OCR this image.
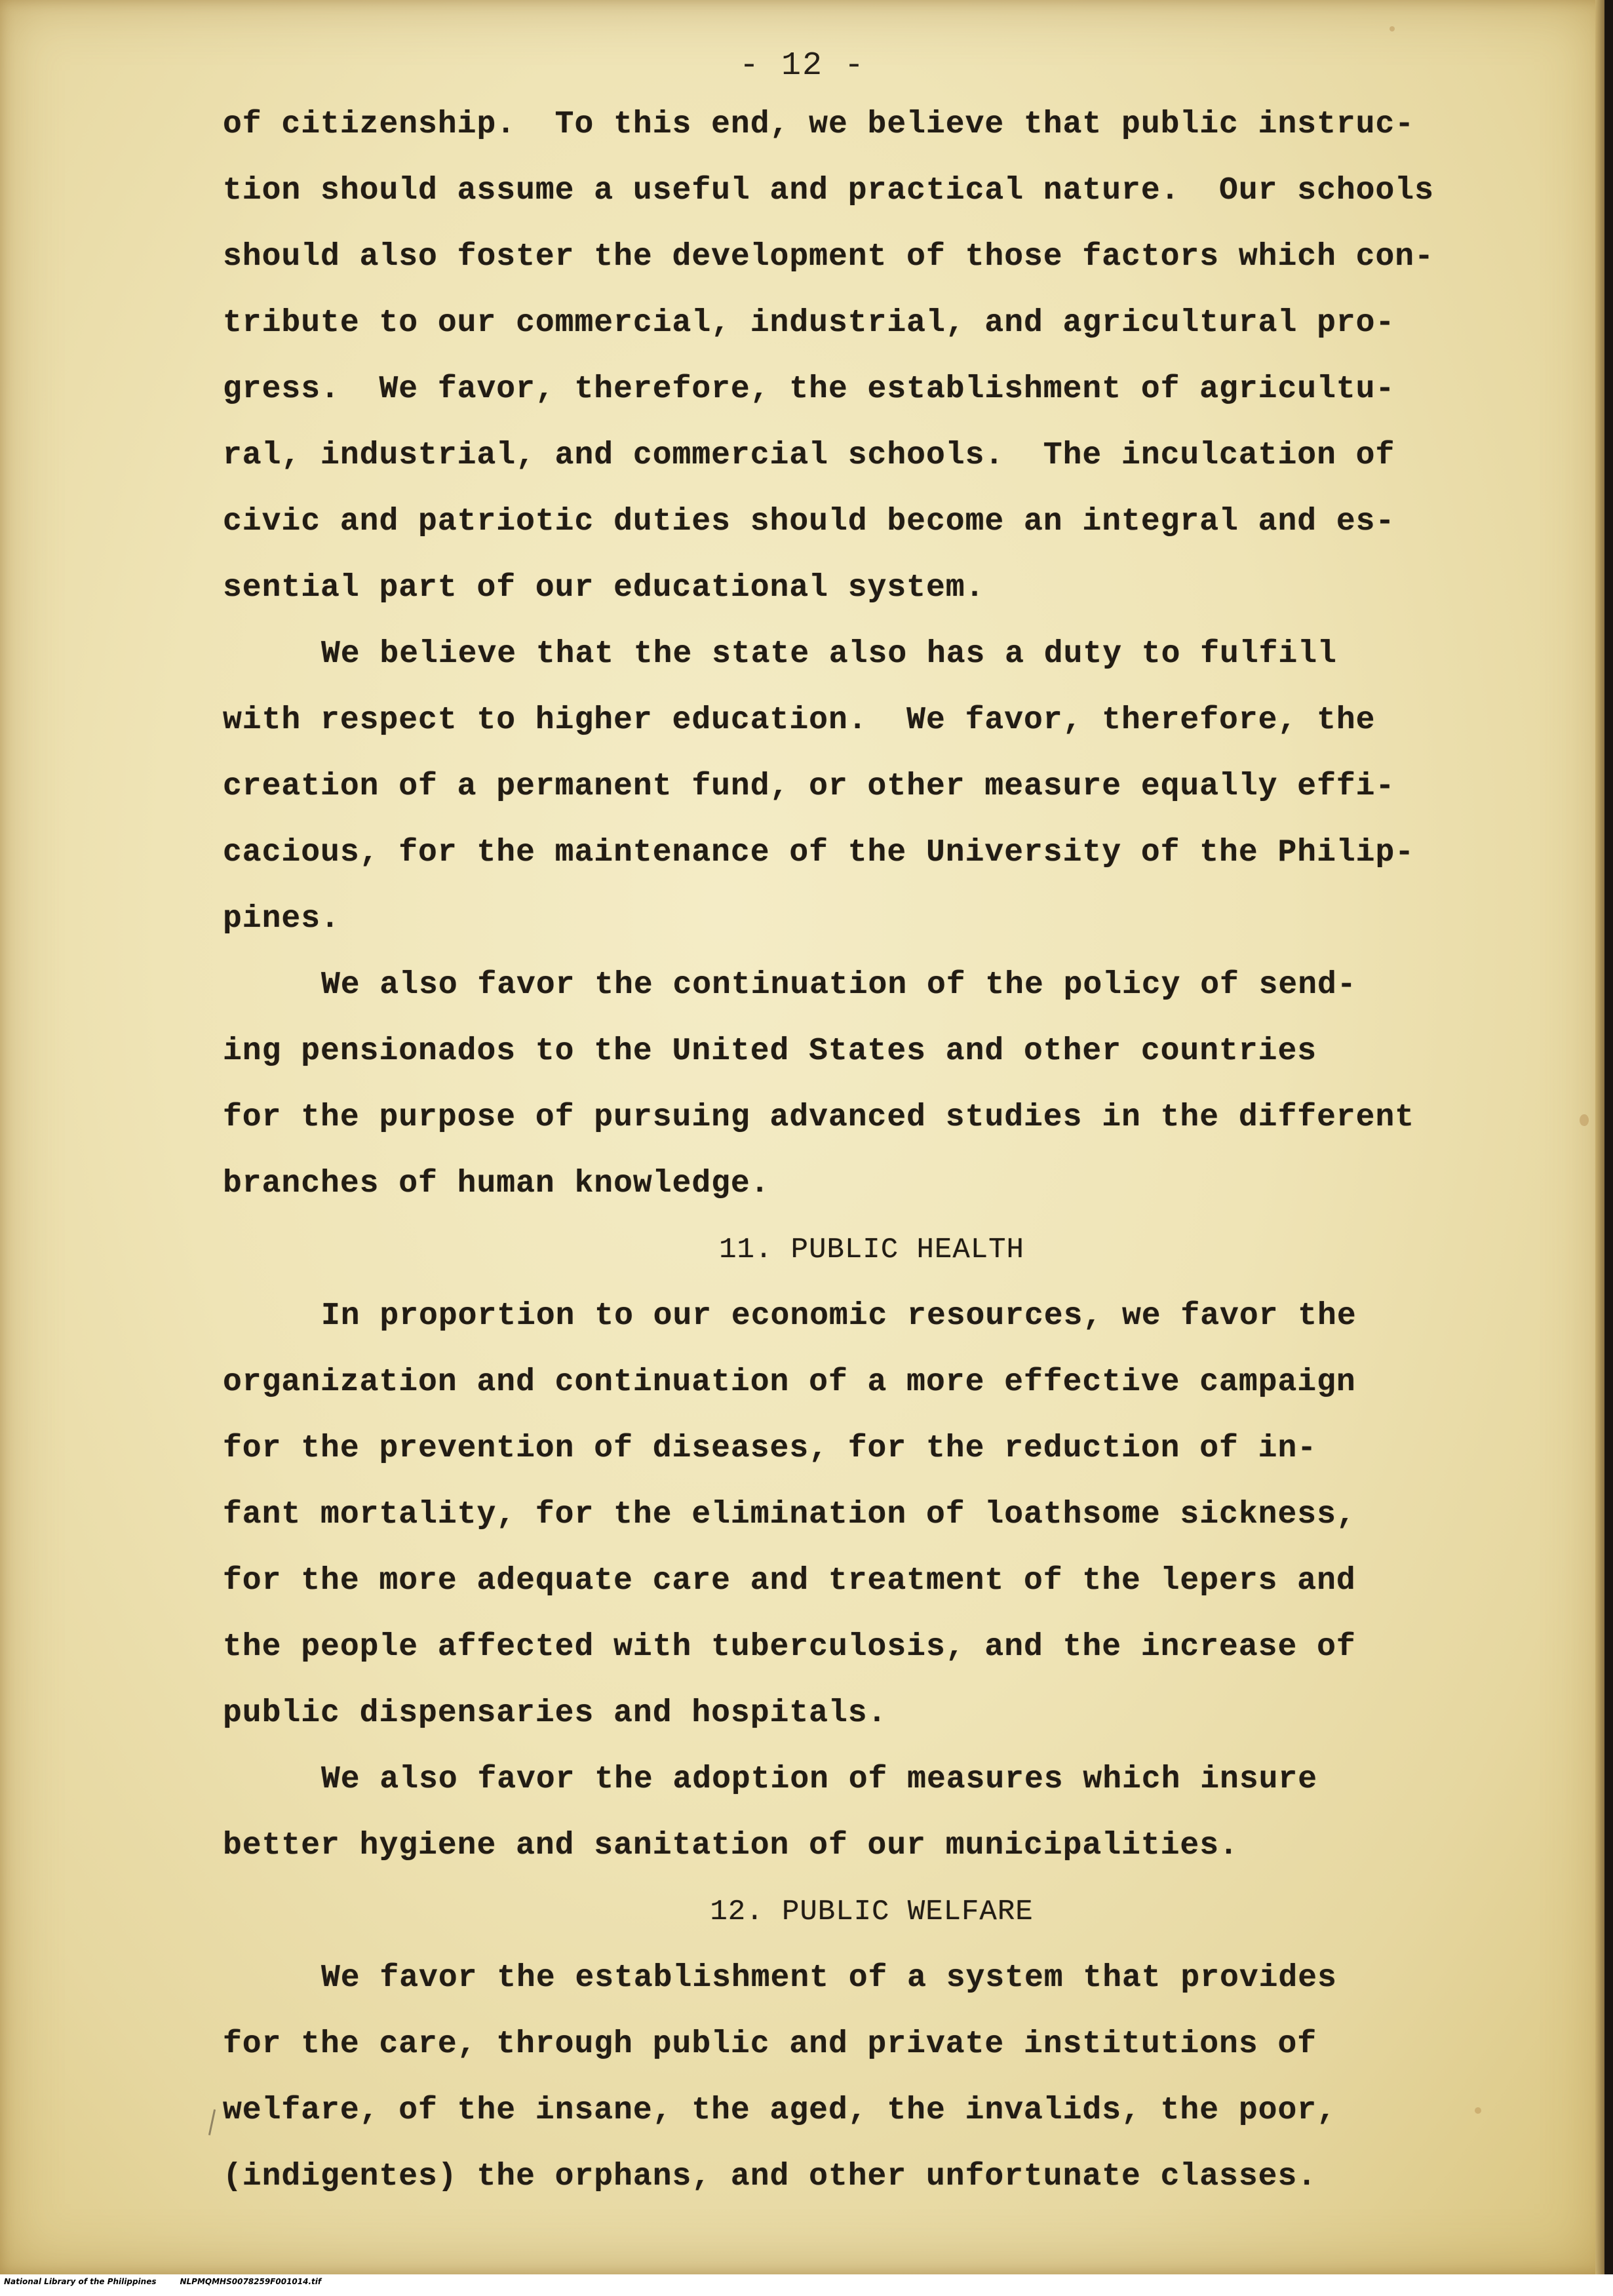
- 12 -
of citizenship.  To this end, we believe that public instruc-
tion should assume a useful and practical nature.  Our schools
should also foster the development of those factors which con-
tribute to our commercial, industrial, and agricultural pro-
gress.  We favor, therefore, the establishment of agricultu-
ral, industrial, and commercial schools.  The inculcation of
civic and patriotic duties should become an integral and es-
sential part of our educational system.
We believe that the state also has a duty to fulfill
with respect to higher education.  We favor, therefore, the
creation of a permanent fund, or other measure equally effi-
cacious, for the maintenance of the University of the Philip-
pines.
We also favor the continuation of the policy of send-
ing pensionados to the United States and other countries
for the purpose of pursuing advanced studies in the different
branches of human knowledge.
11. PUBLIC HEALTH
In proportion to our economic resources, we favor the
organization and continuation of a more effective campaign
for the prevention of diseases, for the reduction of in-
fant mortality, for the elimination of loathsome sickness,
for the more adequate care and treatment of the lepers and
the people affected with tuberculosis, and the increase of
public dispensaries and hospitals.
We also favor the adoption of measures which insure
better hygiene and sanitation of our municipalities.
12. PUBLIC WELFARE
We favor the establishment of a system that provides
for the care, through public and private institutions of
welfare, of the insane, the aged, the invalids, the poor,
(indigentes) the orphans, and other unfortunate classes.
National Library of the Philippines	NLPMQMHS0078259F001014.tif
